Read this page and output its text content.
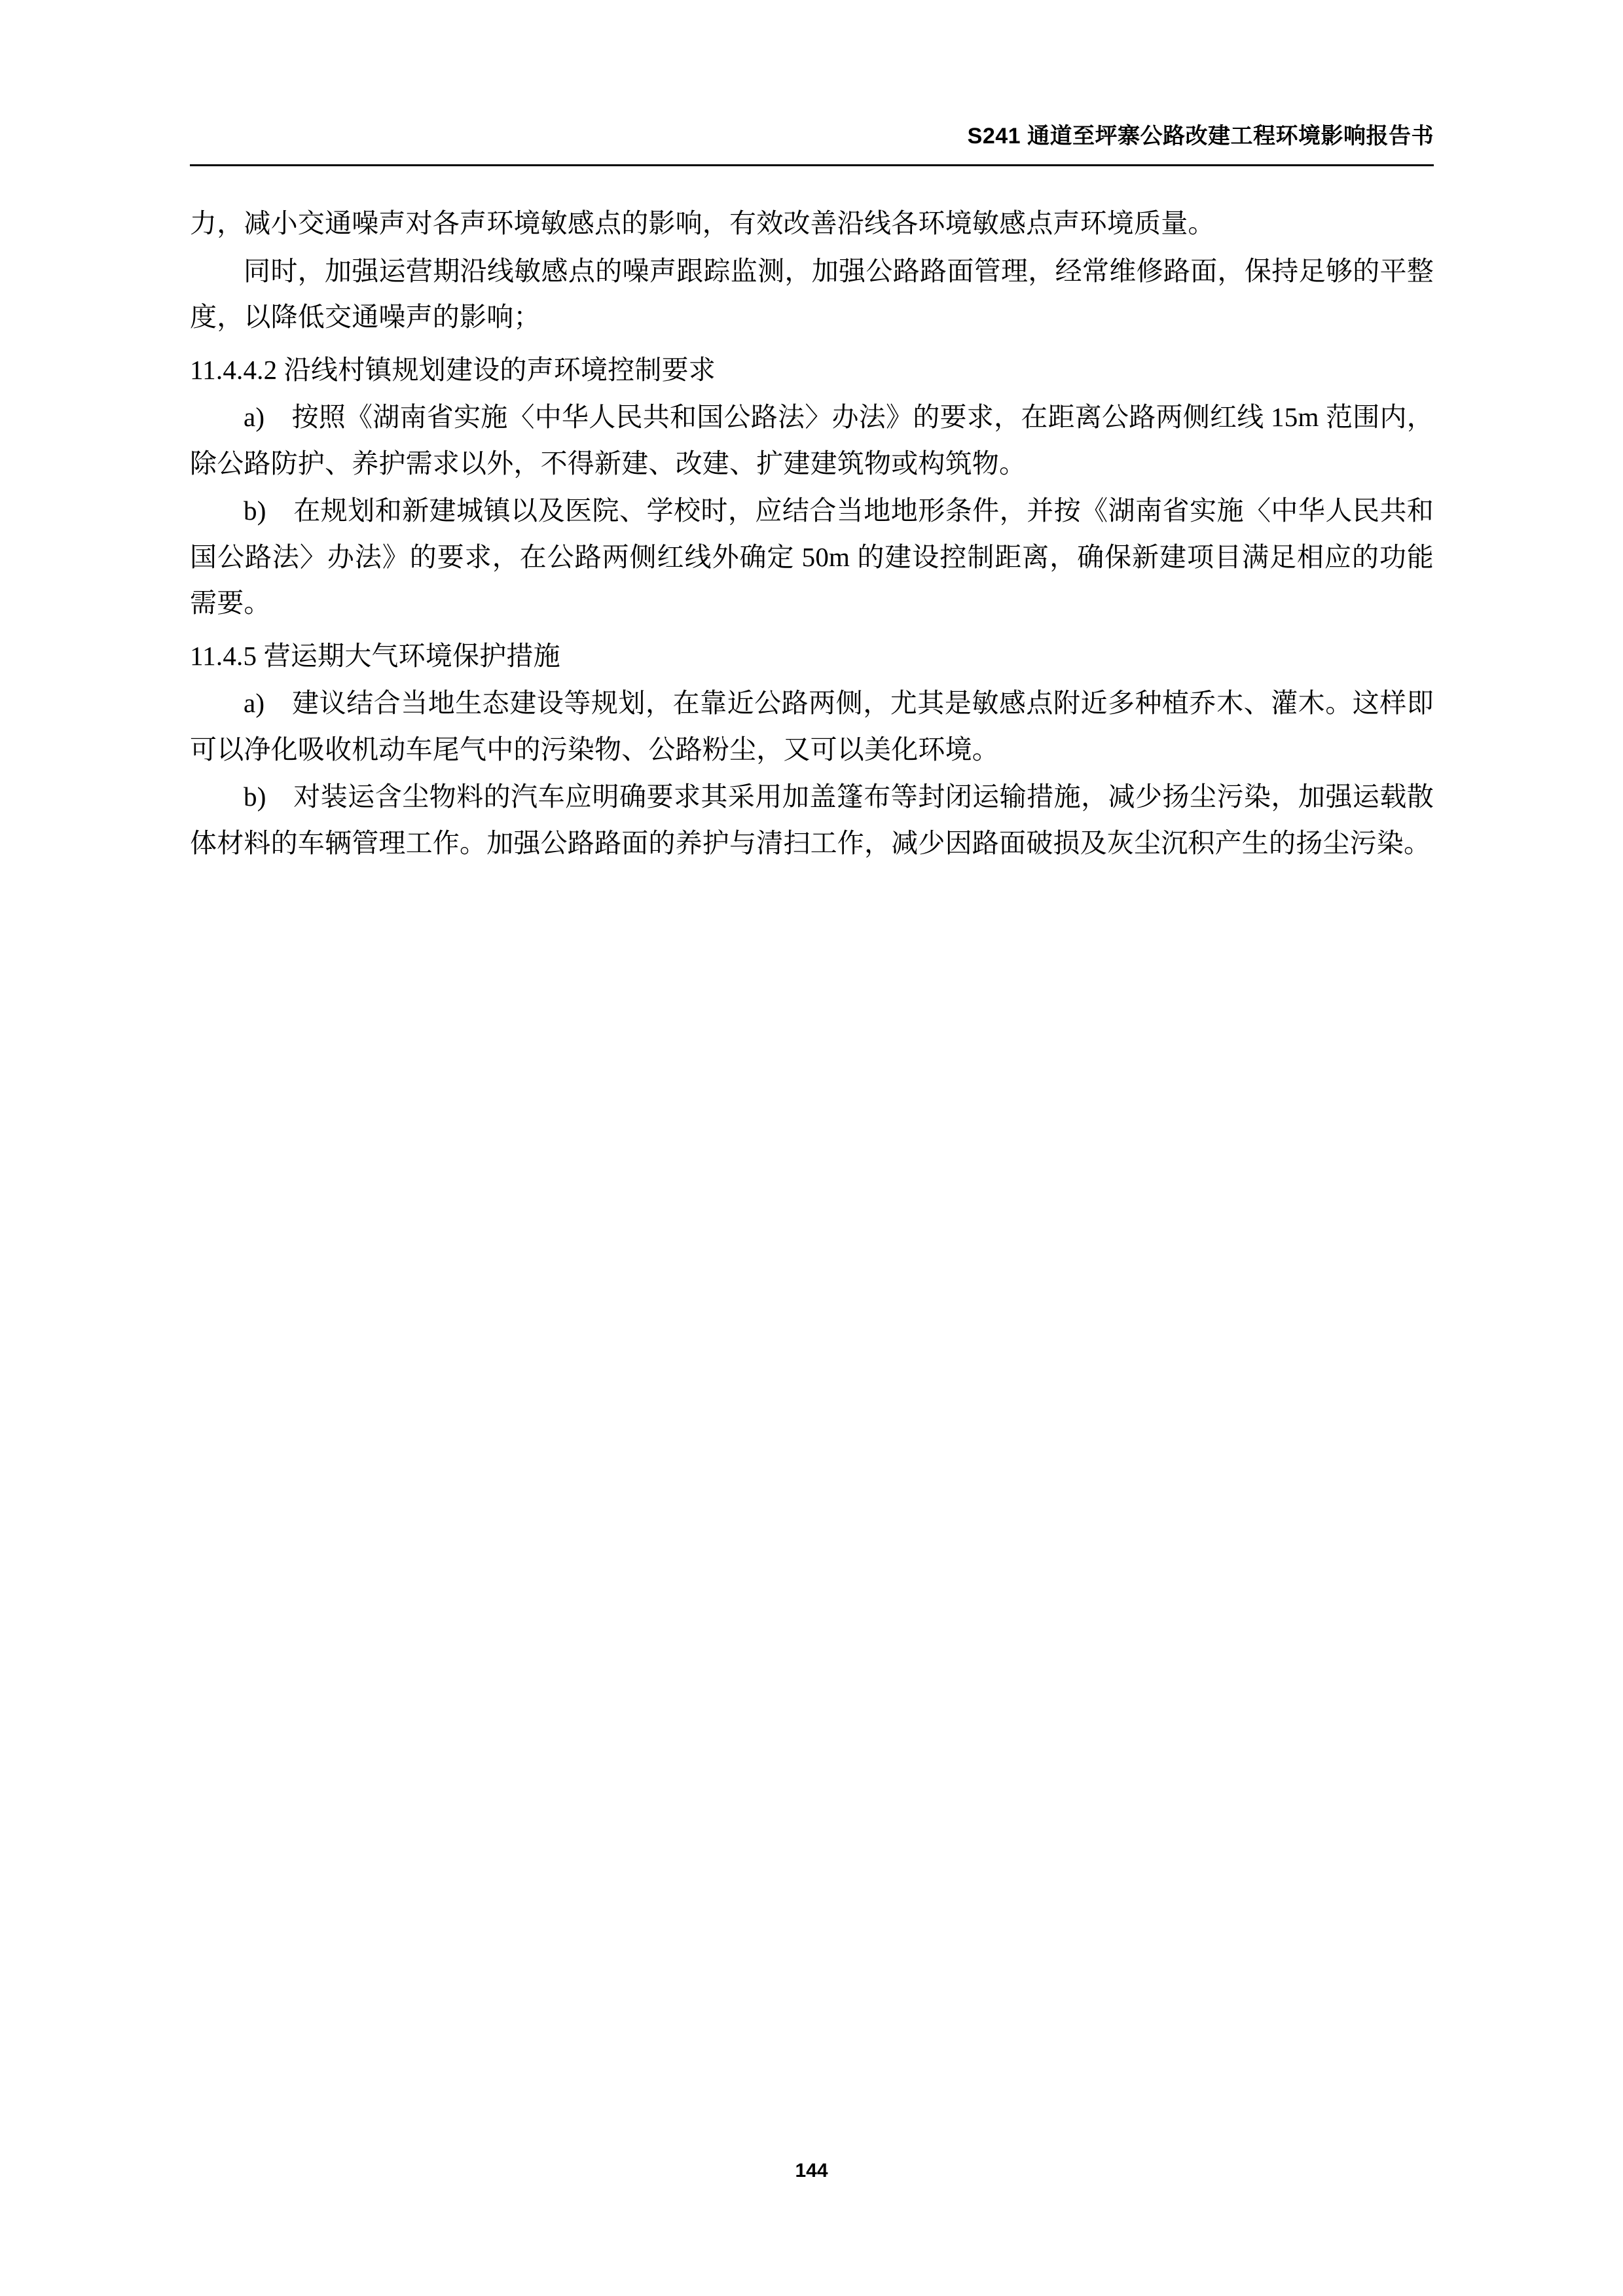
S241 通道至坪寨公路改建工程环境影响报告书

力，减小交通噪声对各声环境敏感点的影响，有效改善沿线各环境敏感点声环境质量。

同时，加强运营期沿线敏感点的噪声跟踪监测，加强公路路面管理，经常维修路面，保持足够的平整度，以降低交通噪声的影响；

11.4.4.2 沿线村镇规划建设的声环境控制要求

a)　按照《湖南省实施〈中华人民共和国公路法〉办法》的要求，在距离公路两侧红线 15m 范围内，除公路防护、养护需求以外，不得新建、改建、扩建建筑物或构筑物。

b)　在规划和新建城镇以及医院、学校时，应结合当地地形条件，并按《湖南省实施〈中华人民共和国公路法〉办法》的要求，在公路两侧红线外确定 50m 的建设控制距离，确保新建项目满足相应的功能需要。

11.4.5 营运期大气环境保护措施

a)　建议结合当地生态建设等规划，在靠近公路两侧，尤其是敏感点附近多种植乔木、灌木。这样即可以净化吸收机动车尾气中的污染物、公路粉尘，又可以美化环境。

b)　对装运含尘物料的汽车应明确要求其采用加盖篷布等封闭运输措施，减少扬尘污染，加强运载散体材料的车辆管理工作。加强公路路面的养护与清扫工作，减少因路面破损及灰尘沉积产生的扬尘污染。

144
